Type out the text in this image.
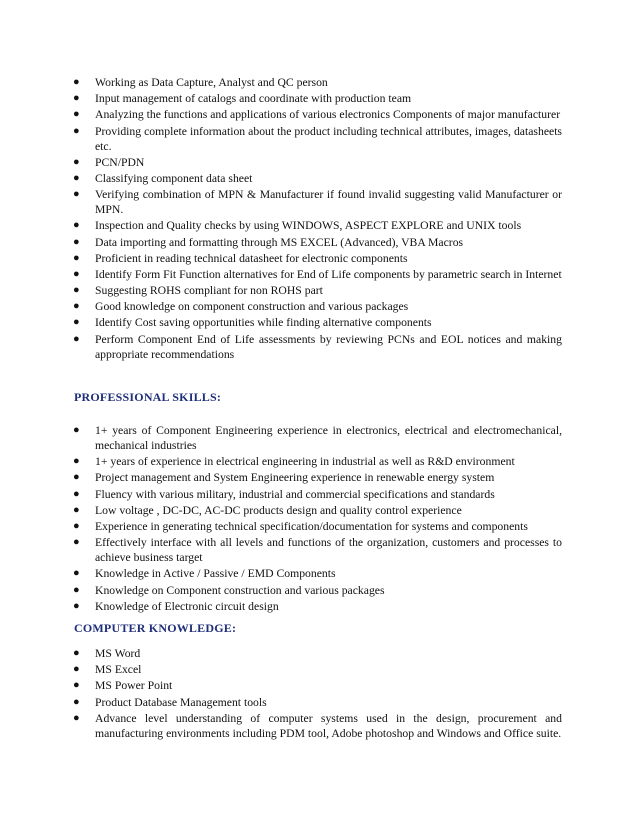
● Working as Data Capture, Analyst and QC person
● Input management of catalogs and coordinate with production team
● Analyzing the functions and applications of various electronics Components of major manufacturer
● Providing complete information about the product including technical attributes, images, datasheets etc.
● PCN/PDN
● Classifying component data sheet
● Verifying combination of MPN & Manufacturer if found invalid suggesting valid Manufacturer or MPN.
● Inspection and Quality checks by using WINDOWS, ASPECT EXPLORE and UNIX tools
● Data importing and formatting through MS EXCEL (Advanced), VBA Macros
● Proficient in reading technical datasheet for electronic components
● Identify Form Fit Function alternatives for End of Life components by parametric search in Internet
● Suggesting ROHS compliant for non ROHS part
● Good knowledge on component construction and various packages
● Identify Cost saving opportunities while finding alternative components
● Perform Component End of Life assessments by reviewing PCNs and EOL notices and making appropriate recommendations
PROFESSIONAL SKILLS:
● 1+ years of Component Engineering experience in electronics, electrical and electromechanical, mechanical industries
● 1+ years of experience in electrical engineering in industrial as well as R&D environment
● Project management and System Engineering experience in renewable energy system
● Fluency with various military, industrial and commercial specifications and standards
● Low voltage , DC-DC, AC-DC products design and quality control experience
● Experience in generating technical specification/documentation for systems and components
● Effectively interface with all levels and functions of the organization, customers and processes to achieve business target
● Knowledge in Active / Passive / EMD Components
● Knowledge on Component construction and various packages
● Knowledge of Electronic circuit design
COMPUTER KNOWLEDGE:
● MS Word
● MS Excel
● MS Power Point
● Product Database Management tools
● Advance level understanding of computer systems used in the design, procurement and manufacturing environments including PDM tool, Adobe photoshop and Windows and Office suite.
